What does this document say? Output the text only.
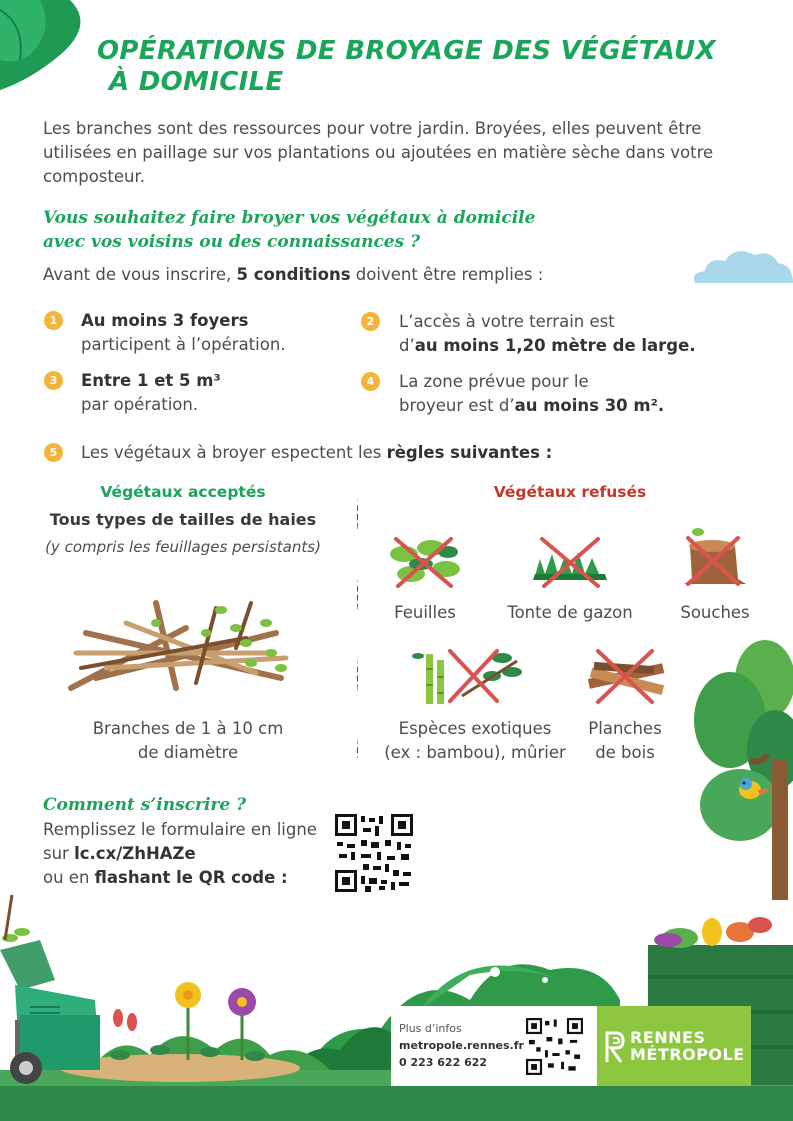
OPÉRATIONS DE BROYAGE DES VÉGÉTAUX
À DOMICILE
Les branches sont des ressources pour votre jardin. Broyées, elles peuvent être utilisées en paillage sur vos plantations ou ajoutées en matière sèche dans votre composteur.
Vous souhaitez faire broyer vos végétaux à domicile
avec vos voisins ou des connaissances ?
Avant de vous inscrire, 5 conditions doivent être remplies :
1	Au moins 3 foyers
participent à l’opération.
2	L’accès à votre terrain est
d’au moins 1,20 mètre de large.
3	Entre 1 et 5 m³
par opération.
4	La zone prévue pour le
broyeur est d’au moins 30 m².
5	Les végétaux à broyer espectent les règles suivantes :
Végétaux acceptés
Tous types de tailles de haies
(y compris les feuillages persistants)
Branches de 1 à 10 cm
de diamètre
Végétaux refusés
Feuilles	Tonte de gazon	Souches
Espèces exotiques
(ex : bambou), mûrier
Planches
de bois
Comment s’inscrire ?
Remplissez le formulaire en ligne
sur lc.cx/ZhHAZe
ou en flashant le QR code :
Plus d’infos
metropole.rennes.fr
0 223 622 622
RENNES
MÉTROPOLE
